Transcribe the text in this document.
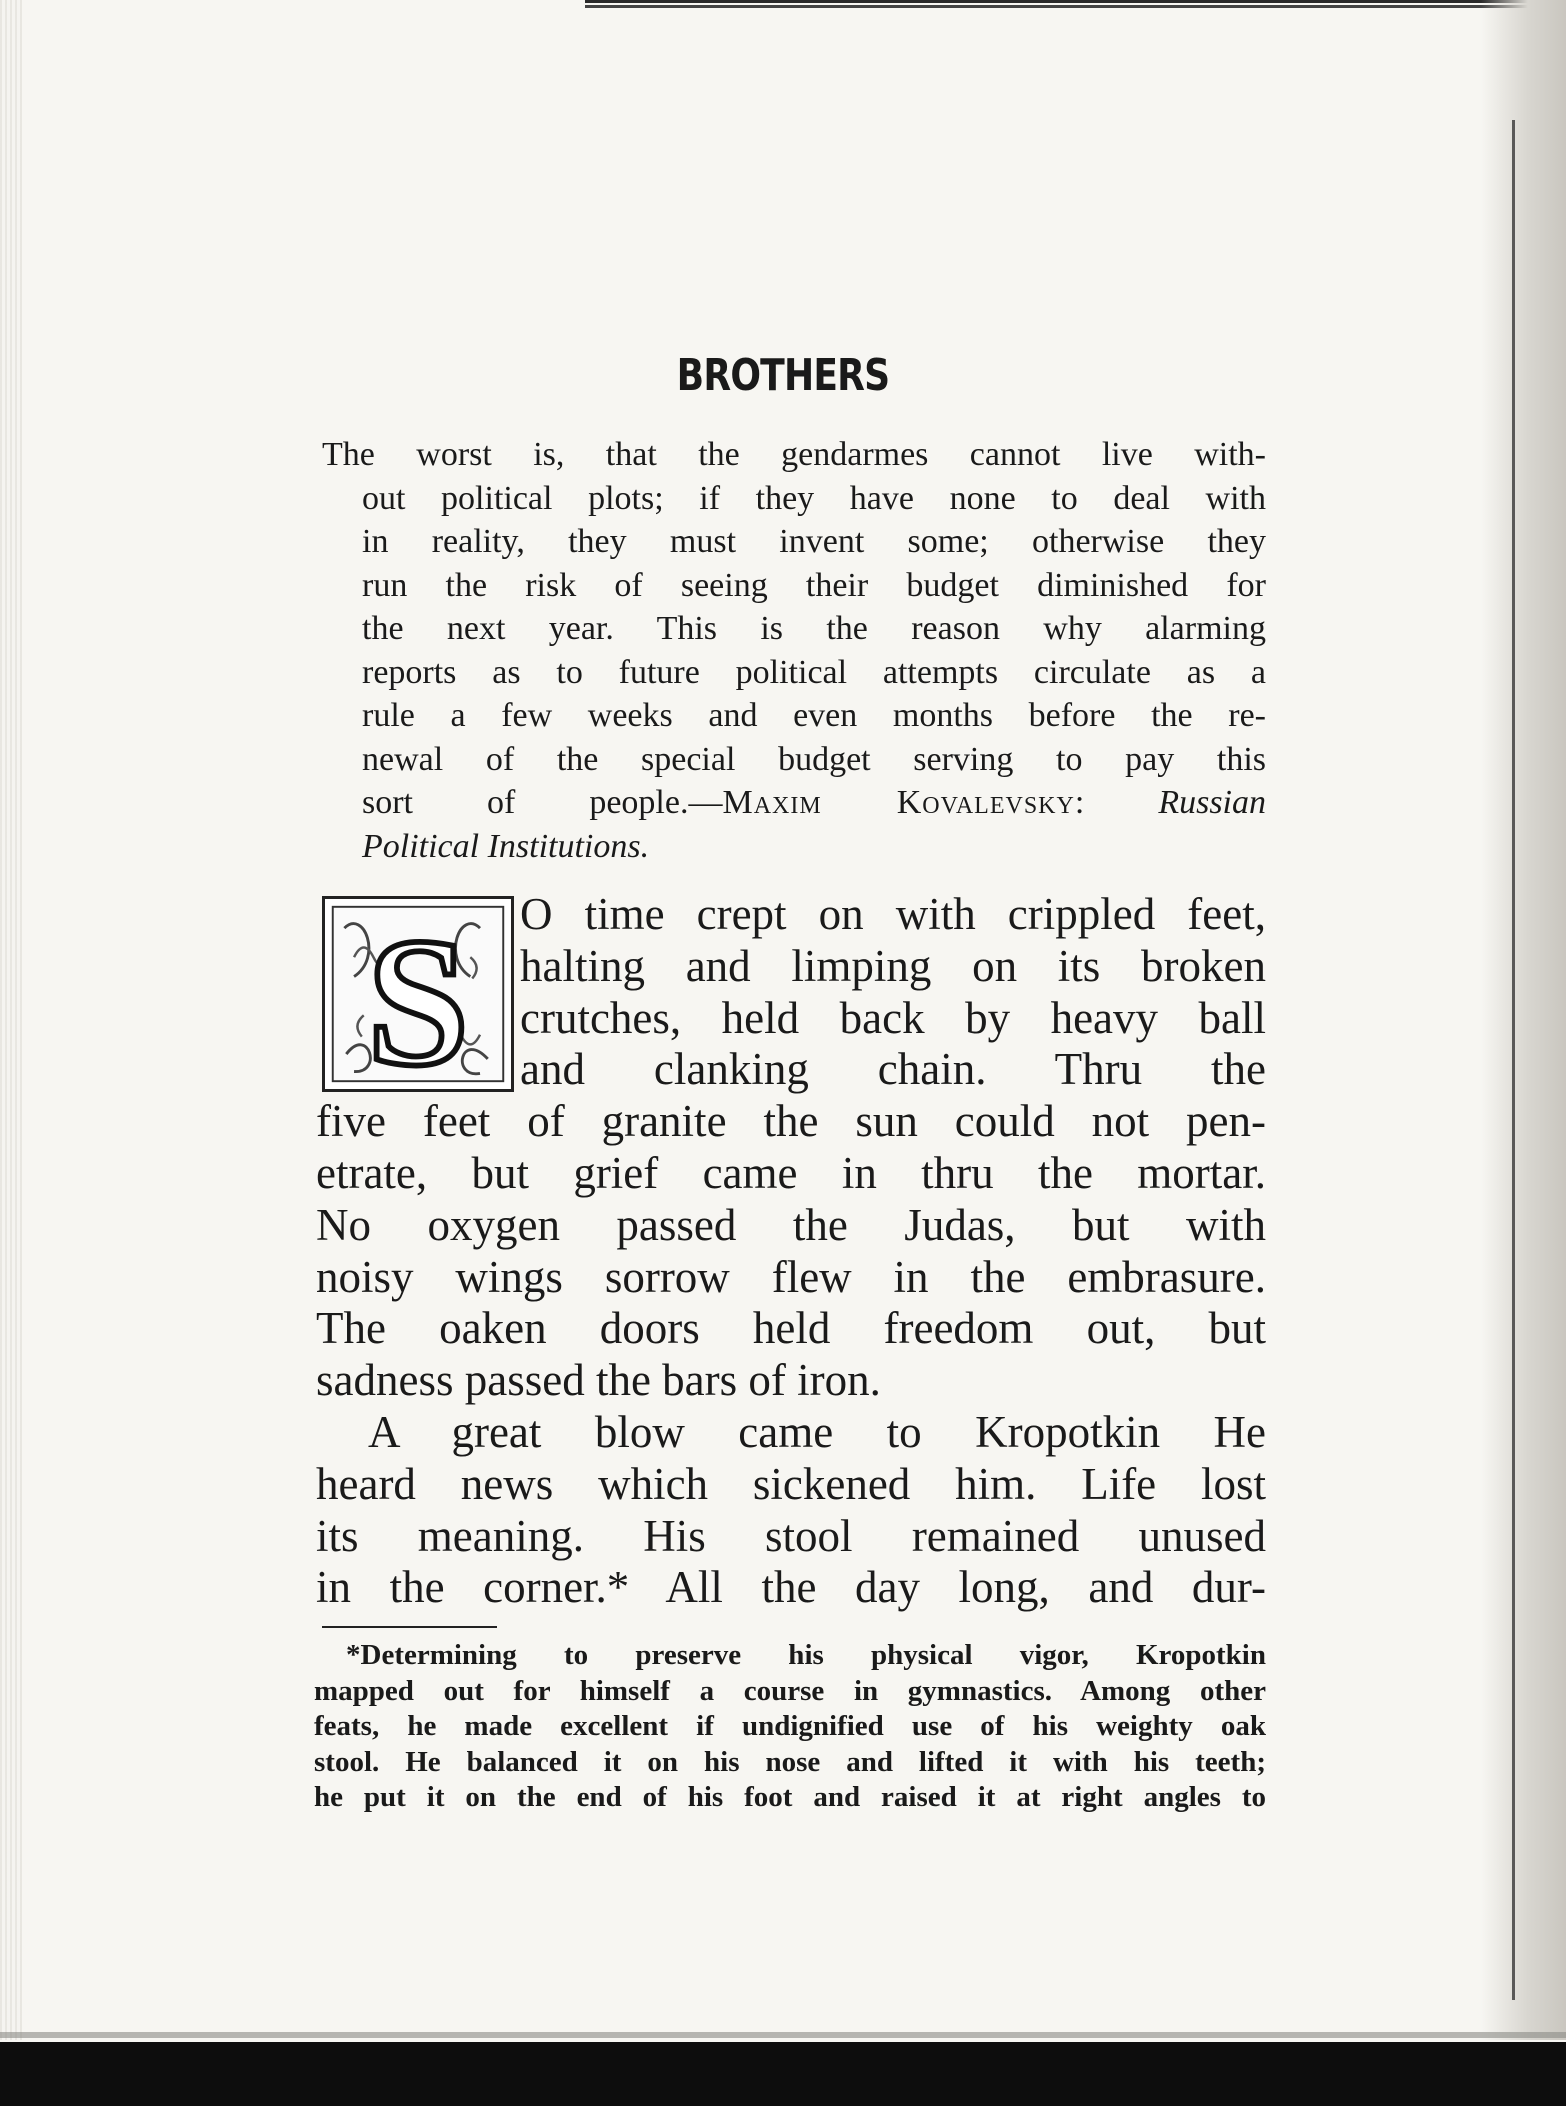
BROTHERS
The worst is, that the gendarmes cannot live with-
out political plots; if they have none to deal with
in reality, they must invent some; otherwise they
run the risk of seeing their budget diminished for
the next year. This is the reason why alarming
reports as to future political attempts circulate as a
rule a few weeks and even months before the re-
newal of the special budget serving to pay this
sort of people.—Maxim Kovalevsky: Russian
Political Institutions.
S	O time crept on with crippled feet,
halting and limping on its broken
crutches, held back by heavy ball
and clanking chain. Thru the
five feet of granite the sun could not pen-
etrate, but grief came in thru the mortar.
No oxygen passed the Judas, but with
noisy wings sorrow flew in the embrasure.
The oaken doors held freedom out, but
sadness passed the bars of iron.
A great blow came to Kropotkin He
heard news which sickened him. Life lost
its meaning. His stool remained unused
in the corner.* All the day long, and dur-
*Determining to preserve his physical vigor, Kropotkin
mapped out for himself a course in gymnastics. Among other
feats, he made excellent if undignified use of his weighty oak
stool. He balanced it on his nose and lifted it with his teeth;
he put it on the end of his foot and raised it at right angles to
